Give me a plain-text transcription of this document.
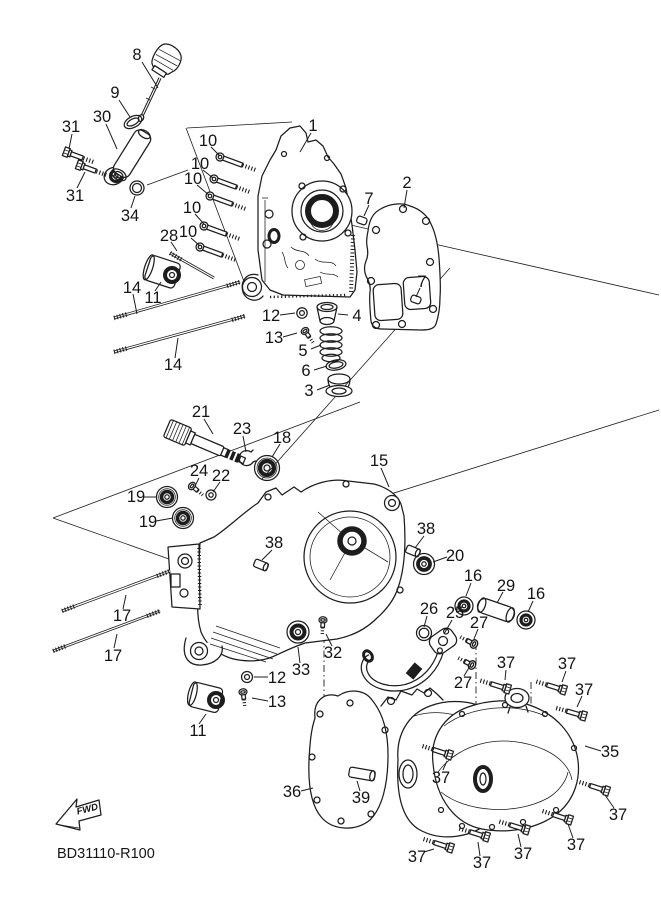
8
9
30
31
31
34
10
10
10
10
10
1
28
14
11
2
7
7
12
13
4
5
6
3
14
21
23 18
24 22
19
19
38
38
15
20
16
29 16
26 25
27
27
17
17	32
33
12
13
11
36	39
35
37	37
37
37
37
37
37
37
37
FWD
BD31110-R100
